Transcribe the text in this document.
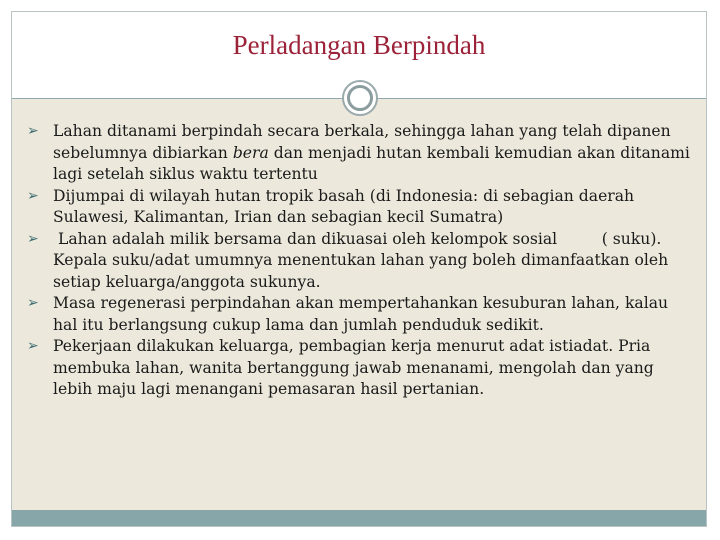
Perladangan Berpindah
➢ Lahan ditanami berpindah secara berkala, sehingga lahan yang telah dipanen sebelumnya dibiarkan bera dan menjadi hutan kembali kemudian akan ditanami lagi setelah siklus waktu tertentu
➢ Dijumpai di wilayah hutan tropik basah (di Indonesia: di sebagian daerah Sulawesi, Kalimantan, Irian dan sebagian kecil Sumatra)
➢ Lahan adalah milik bersama dan dikuasai oleh kelompok sosial         ( suku). Kepala suku/adat umumnya menentukan lahan yang boleh dimanfaatkan oleh setiap keluarga/anggota sukunya.
➢ Masa regenerasi perpindahan akan mempertahankan kesuburan lahan, kalau hal itu berlangsung cukup lama dan jumlah penduduk sedikit.
➢ Pekerjaan dilakukan keluarga, pembagian kerja menurut adat istiadat. Pria membuka lahan, wanita bertanggung jawab menanami, mengolah dan yang lebih maju lagi menangani pemasaran hasil pertanian.
